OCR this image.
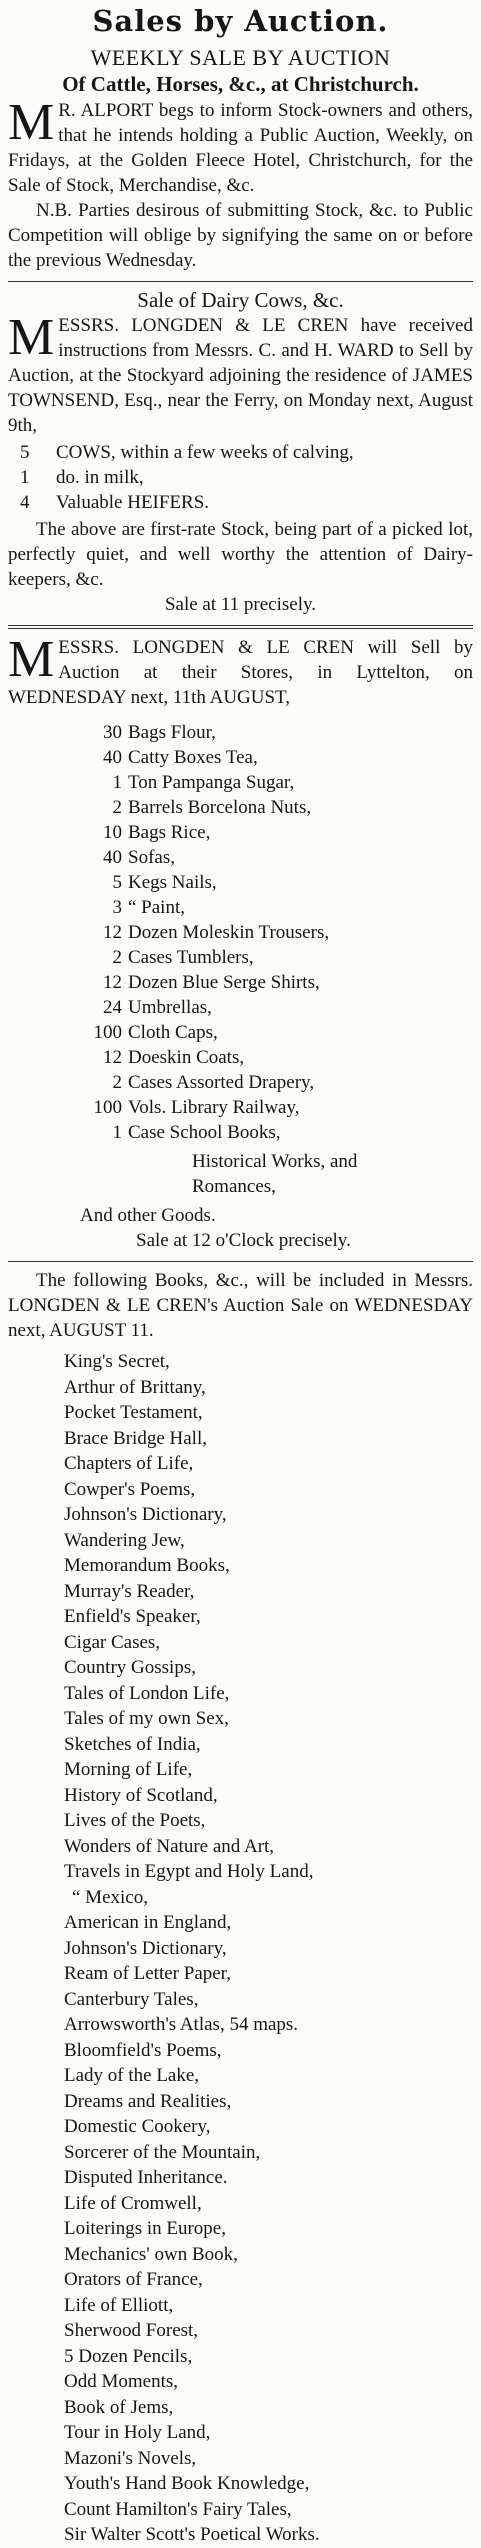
Sales by Auction.
WEEKLY SALE BY AUCTION
Of Cattle, Horses, &c., at Christchurch.

M R. ALPORT begs to inform Stock-owners and others, that he intends holding a Public Auction, Weekly, on Fridays, at the Golden Fleece Hotel, Christchurch, for the Sale of Stock, Merchandise, &c.

N.B. Parties desirous of submitting Stock, &c. to Public Competition will oblige by signifying the same on or before the previous Wednesday.

Sale of Dairy Cows, &c.

M ESSRS. LONGDEN & LE CREN have received instructions from Messrs. C. and H. WARD to Sell by Auction, at the Stockyard adjoining the residence of JAMES TOWNSEND, Esq., near the Ferry, on Monday next, August 9th,

5	COWS, within a few weeks of calving,
1	do. in milk,
4	Valuable HEIFERS.

The above are first-rate Stock, being part of a picked lot, perfectly quiet, and well worthy the attention of Dairy-keepers, &c.

Sale at 11 precisely.

M ESSRS. LONGDEN & LE CREN will Sell by Auction at their Stores, in Lyttelton, on WEDNESDAY next, 11th AUGUST,

30 Bags Flour,
40 Catty Boxes Tea,
1 Ton Pampanga Sugar,
2 Barrels Borcelona Nuts,
10 Bags Rice,
40 Sofas,
5 Kegs Nails,
3 “ Paint,
12 Dozen Moleskin Trousers,
2 Cases Tumblers,
12 Dozen Blue Serge Shirts,
24 Umbrellas,
100 Cloth Caps,
12 Doeskin Coats,
2 Cases Assorted Drapery,
100 Vols. Library Railway,
1 Case School Books,
Historical Works, and
Romances,
And other Goods.
Sale at 12 o'Clock precisely.

The following Books, &c., will be included in Messrs. LONGDEN & LE CREN's Auction Sale on WEDNESDAY next, AUGUST 11.

King's Secret,
Arthur of Brittany,
Pocket Testament,
Brace Bridge Hall,
Chapters of Life,
Cowper's Poems,
Johnson's Dictionary,
Wandering Jew,
Memorandum Books,
Murray's Reader,
Enfield's Speaker,
Cigar Cases,
Country Gossips,
Tales of London Life,
Tales of my own Sex,
Sketches of India,
Morning of Life,
History of Scotland,
Lives of the Poets,
Wonders of Nature and Art,
Travels in Egypt and Holy Land,
“ Mexico,
American in England,
Johnson's Dictionary,
Ream of Letter Paper,
Canterbury Tales,
Arrowsworth's Atlas, 54 maps.
Bloomfield's Poems,
Lady of the Lake,
Dreams and Realities,
Domestic Cookery,
Sorcerer of the Mountain,
Disputed Inheritance.
Life of Cromwell,
Loiterings in Europe,
Mechanics' own Book,
Orators of France,
Life of Elliott,
Sherwood Forest,
5 Dozen Pencils,
Odd Moments,
Book of Jems,
Tour in Holy Land,
Mazoni's Novels,
Youth's Hand Book Knowledge,
Count Hamilton's Fairy Tales,
Sir Walter Scott's Poetical Works.
